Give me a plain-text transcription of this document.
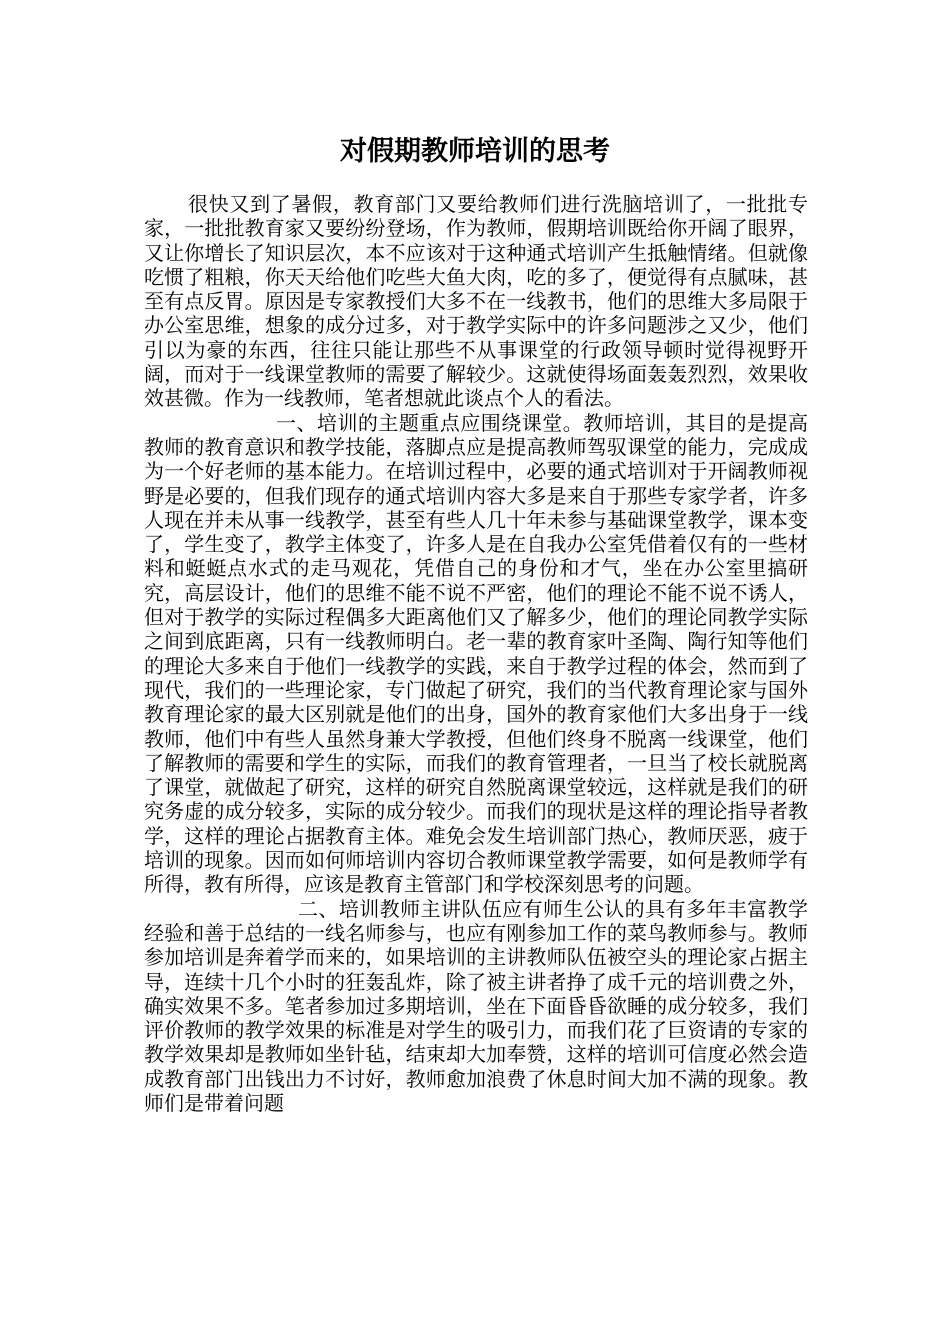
对假期教师培训的思考

很快又到了暑假，教育部门又要给教师们进行洗脑培训了，一批批专家，一批批教育家又要纷纷登场，作为教师，假期培训既给你开阔了眼界，又让你增长了知识层次，本不应该对于这种通式培训产生抵触情绪。但就像吃惯了粗粮，你天天给他们吃些大鱼大肉，吃的多了，便觉得有点腻味，甚至有点反胃。原因是专家教授们大多不在一线教书，他们的思维大多局限于办公室思维，想象的成分过多，对于教学实际中的许多问题涉之又少，他们引以为豪的东西，往往只能让那些不从事课堂的行政领导顿时觉得视野开阔，而对于一线课堂教师的需要了解较少。这就使得场面轰轰烈烈，效果收效甚微。作为一线教师，笔者想就此谈点个人的看法。

一、培训的主题重点应围绕课堂。教师培训，其目的是提高教师的教育意识和教学技能，落脚点应是提高教师驾驭课堂的能力，完成成为一个好老师的基本能力。在培训过程中，必要的通式培训对于开阔教师视野是必要的，但我们现存的通式培训内容大多是来自于那些专家学者，许多人现在并未从事一线教学，甚至有些人几十年未参与基础课堂教学，课本变了，学生变了，教学主体变了，许多人是在自我办公室凭借着仅有的一些材料和蜓蜓点水式的走马观花，凭借自己的身份和才气，坐在办公室里搞研究，高层设计，他们的思维不能不说不严密，他们的理论不能不说不诱人，但对于教学的实际过程偶多大距离他们又了解多少，他们的理论同教学实际之间到底距离，只有一线教师明白。老一辈的教育家叶圣陶、陶行知等他们的理论大多来自于他们一线教学的实践，来自于教学过程的体会，然而到了现代，我们的一些理论家，专门做起了研究，我们的当代教育理论家与国外教育理论家的最大区别就是他们的出身，国外的教育家他们大多出身于一线教师，他们中有些人虽然身兼大学教授，但他们终身不脱离一线课堂，他们了解教师的需要和学生的实际，而我们的教育管理者，一旦当了校长就脱离了课堂，就做起了研究，这样的研究自然脱离课堂较远，这样就是我们的研究务虚的成分较多，实际的成分较少。而我们的现状是这样的理论指导者教学，这样的理论占据教育主体。难免会发生培训部门热心，教师厌恶，疲于培训的现象。因而如何师培训内容切合教师课堂教学需要，如何是教师学有所得，教有所得，应该是教育主管部门和学校深刻思考的问题。

二、培训教师主讲队伍应有师生公认的具有多年丰富教学经验和善于总结的一线名师参与，也应有刚参加工作的菜鸟教师参与。教师参加培训是奔着学而来的，如果培训的主讲教师队伍被空头的理论家占据主导，连续十几个小时的狂轰乱炸，除了被主讲者挣了成千元的培训费之外，确实效果不多。笔者参加过多期培训，坐在下面昏昏欲睡的成分较多，我们评价教师的教学效果的标准是对学生的吸引力，而我们花了巨资请的专家的教学效果却是教师如坐针毡，结束却大加奉赞，这样的培训可信度必然会造成教育部门出钱出力不讨好，教师愈加浪费了休息时间大加不满的现象。教师们是带着问题
